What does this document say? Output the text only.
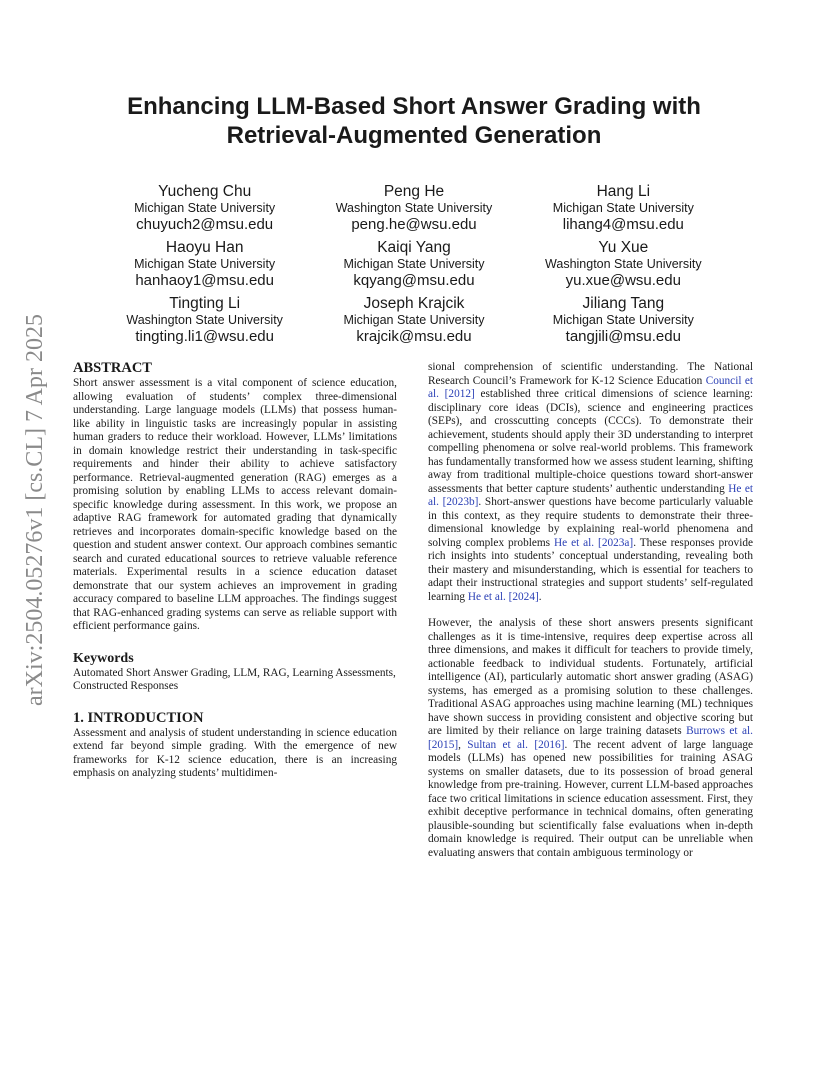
Enhancing LLM-Based Short Answer Grading with
Retrieval-Augmented Generation
Yucheng Chu
Michigan State University
chuyuch2@msu.edu
Peng He
Washington State University
peng.he@wsu.edu
Hang Li
Michigan State University
lihang4@msu.edu
Haoyu Han
Michigan State University
hanhaoy1@msu.edu
Kaiqi Yang
Michigan State University
kqyang@msu.edu
Yu Xue
Washington State University
yu.xue@wsu.edu
Tingting Li
Washington State University
tingting.li1@wsu.edu
Joseph Krajcik
Michigan State University
krajcik@msu.edu
Jiliang Tang
Michigan State University
tangjili@msu.edu
arXiv:2504.05276v1 [cs.CL] 7 Apr 2025	ABSTRACT

Short answer assessment is a vital component of science education, allowing evaluation of students’ complex three-dimensional understanding. Large language models (LLMs) that possess human-like ability in linguistic tasks are increasingly popular in assisting human graders to reduce their workload. However, LLMs’ limitations in domain knowledge restrict their understanding in task-specific requirements and hinder their ability to achieve satisfactory performance. Retrieval-augmented generation (RAG) emerges as a promising solution by enabling LLMs to access relevant domain-specific knowledge during assessment. In this work, we propose an adaptive RAG framework for automated grading that dynamically retrieves and incorporates domain-specific knowledge based on the question and student answer context. Our approach combines semantic search and curated educational sources to retrieve valuable reference materials. Experimental results in a science education dataset demonstrate that our system achieves an improvement in grading accuracy compared to baseline LLM approaches. The findings suggest that RAG-enhanced grading systems can serve as reliable support with efficient performance gains.

Keywords

Automated Short Answer Grading, LLM, RAG, Learning Assessments, Constructed Responses

1. INTRODUCTION

Assessment and analysis of student understanding in science education extend far beyond simple grading. With the emergence of new frameworks for K-12 science education, there is an increasing emphasis on analyzing students’ multidimen-

sional comprehension of scientific understanding. The National Research Council’s Framework for K-12 Science Education Council et al. [2012] established three critical dimensions of science learning: disciplinary core ideas (DCIs), science and engineering practices (SEPs), and crosscutting concepts (CCCs). To demonstrate their achievement, students should apply their 3D understanding to interpret compelling phenomena or solve real-world problems. This framework has fundamentally transformed how we assess student learning, shifting away from traditional multiple-choice questions toward short-answer assessments that better capture students’ authentic understanding He et al. [2023b]. Short-answer questions have become particularly valuable in this context, as they require students to demonstrate their three-dimensional knowledge by explaining real-world phenomena and solving complex problems He et al. [2023a]. These responses provide rich insights into students’ conceptual understanding, revealing both their mastery and misunderstanding, which is essential for teachers to adapt their instructional strategies and support students’ self-regulated learning He et al. [2024].

However, the analysis of these short answers presents significant challenges as it is time-intensive, requires deep expertise across all three dimensions, and makes it difficult for teachers to provide timely, actionable feedback to individual students. Fortunately, artificial intelligence (AI), particularly automatic short answer grading (ASAG) systems, has emerged as a promising solution to these challenges. Traditional ASAG approaches using machine learning (ML) techniques have shown success in providing consistent and objective scoring but are limited by their reliance on large training datasets Burrows et al. [2015], Sultan et al. [2016]. The recent advent of large language models (LLMs) has opened new possibilities for training ASAG systems on smaller datasets, due to its possession of broad general knowledge from pre-training. However, current LLM-based approaches face two critical limitations in science education assessment. First, they exhibit deceptive performance in technical domains, often generating plausible-sounding but scientifically false evaluations when in-depth domain knowledge is required. Their output can be unreliable when evaluating answers that contain ambiguous terminology or
